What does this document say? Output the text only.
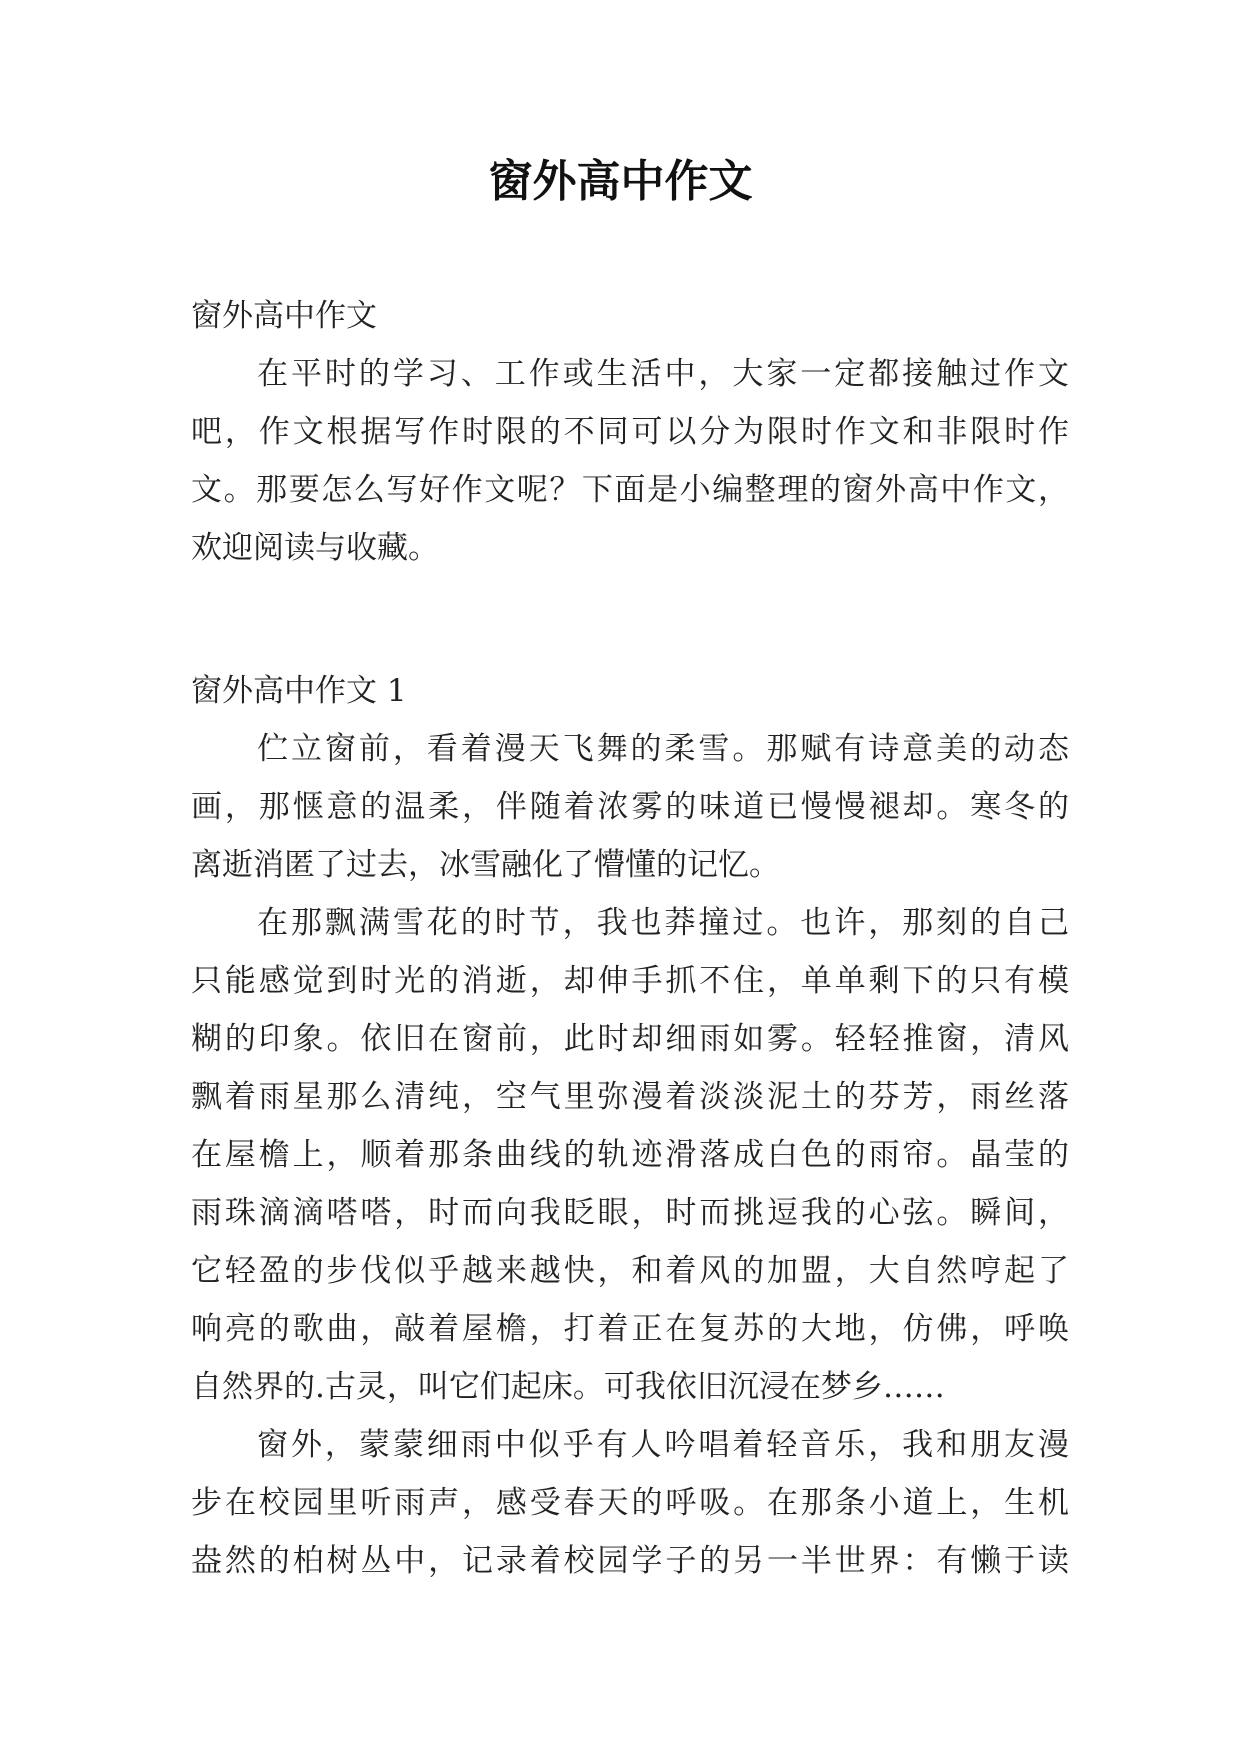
窗外高中作文
窗外高中作文
在平时的学习、工作或生活中，大家一定都接触过作文
吧，作文根据写作时限的不同可以分为限时作文和非限时作
文。那要怎么写好作文呢？下面是小编整理的窗外高中作文，
欢迎阅读与收藏。
窗外高中作文 1
伫立窗前，看着漫天飞舞的柔雪。那赋有诗意美的动态
画，那惬意的温柔，伴随着浓雾的味道已慢慢褪却。寒冬的
离逝消匿了过去，冰雪融化了懵懂的记忆。
在那飘满雪花的时节，我也莽撞过。也许，那刻的自己
只能感觉到时光的消逝，却伸手抓不住，单单剩下的只有模
糊的印象。依旧在窗前，此时却细雨如雾。轻轻推窗，清风
飘着雨星那么清纯，空气里弥漫着淡淡泥土的芬芳，雨丝落
在屋檐上，顺着那条曲线的轨迹滑落成白色的雨帘。晶莹的
雨珠滴滴嗒嗒，时而向我眨眼，时而挑逗我的心弦。瞬间，
它轻盈的步伐似乎越来越快，和着风的加盟，大自然哼起了
响亮的歌曲，敲着屋檐，打着正在复苏的大地，仿佛，呼唤
自然界的.古灵，叫它们起床。可我依旧沉浸在梦乡……
窗外，蒙蒙细雨中似乎有人吟唱着轻音乐，我和朋友漫
步在校园里听雨声，感受春天的呼吸。在那条小道上，生机
盎然的柏树丛中，记录着校园学子的另一半世界：有懒于读
